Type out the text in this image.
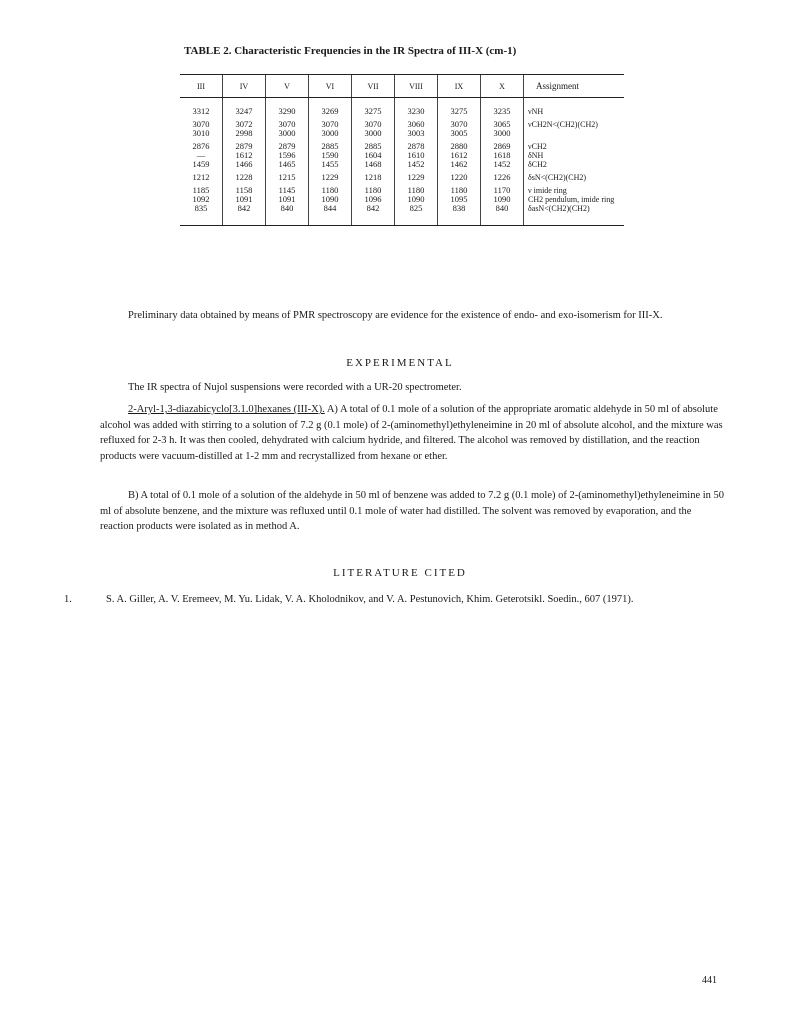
TABLE 2. Characteristic Frequencies in the IR Spectra of III-X (cm-1)
III	IV	V	VI	VII	VIII	IX	X	Assignment
3312	3247	3290	3269	3275	3230	3275	3235	νNH

3070	3072	3070	3070	3070	3060	3070	3065	νCH2N<(CH2)(CH2)
3010	2998	3000	3000	3000	3003	3005	3000	

2876	2879	2879	2885	2885	2878	2880	2869	νCH2
—	1612	1596	1590	1604	1610	1612	1618	δNH
1459	1466	1465	1455	1468	1452	1462	1452	δCH2

1212	1228	1215	1229	1218	1229	1220	1226	δsN<(CH2)(CH2)

1185	1158	1145	1180	1180	1180	1180	1170	ν imide ring
1092	1091	1091	1090	1096	1090	1095	1090	CH2 pendulum, imide ring
835	842	840	844	842	825	838	840	δasN<(CH2)(CH2)
Preliminary data obtained by means of PMR spectroscopy are evidence for the existence of endo- and exo-isomerism for III-X.
EXPERIMENTAL
The IR spectra of Nujol suspensions were recorded with a UR-20 spectrometer.
2-Aryl-1,3-diazabicyclo[3.1.0]hexanes (III-X). A) A total of 0.1 mole of a solution of the appropriate aromatic aldehyde in 50 ml of absolute alcohol was added with stirring to a solution of 7.2 g (0.1 mole) of 2-(aminomethyl)ethyleneimine in 20 ml of absolute alcohol, and the mixture was refluxed for 2-3 h. It was then cooled, dehydrated with calcium hydride, and filtered. The alcohol was removed by distillation, and the reaction products were vacuum-distilled at 1-2 mm and recrystallized from hexane or ether.
B) A total of 0.1 mole of a solution of the aldehyde in 50 ml of benzene was added to 7.2 g (0.1 mole) of 2-(aminomethyl)ethyleneimine in 50 ml of absolute benzene, and the mixture was refluxed until 0.1 mole of water had distilled. The solvent was removed by evaporation, and the reaction products were isolated as in method A.
LITERATURE CITED
1.	S. A. Giller, A. V. Eremeev, M. Yu. Lidak, V. A. Kholodnikov, and V. A. Pestunovich, Khim. Geterotsikl. Soedin., 607 (1971).
441
